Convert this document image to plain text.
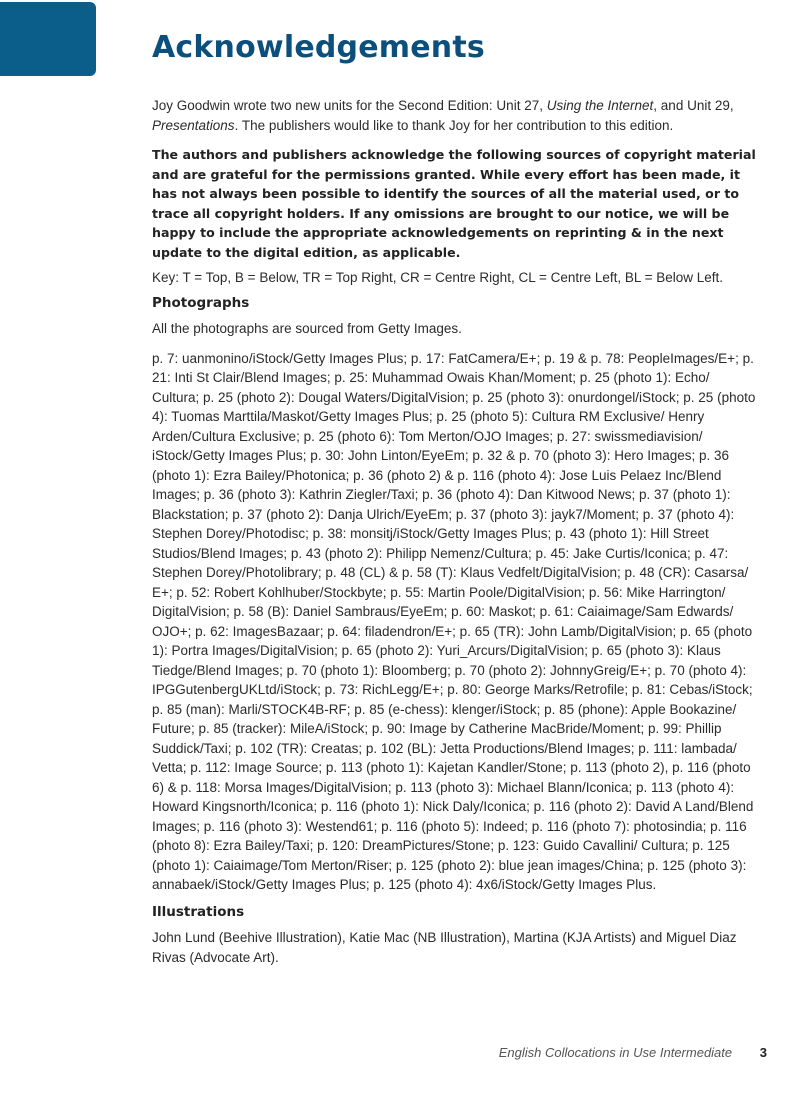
Acknowledgements

Joy Goodwin wrote two new units for the Second Edition: Unit 27, Using the Internet, and Unit 29, Presentations. The publishers would like to thank Joy for her contribution to this edition.

The authors and publishers acknowledge the following sources of copyright material and are grateful for the permissions granted. While every effort has been made, it has not always been possible to identify the sources of all the material used, or to trace all copyright holders. If any omissions are brought to our notice, we will be happy to include the appropriate acknowledgements on reprinting & in the next update to the digital edition, as applicable.

Key: T = Top, B = Below, TR = Top Right, CR = Centre Right, CL = Centre Left, BL = Below Left.

Photographs

All the photographs are sourced from Getty Images.

p. 7: uanmonino/iStock/Getty Images Plus; p. 17: FatCamera/E+; p. 19 & p. 78: PeopleImages/E+; p. 21: Inti St Clair/Blend Images; p. 25: Muhammad Owais Khan/Moment; p. 25 (photo 1): Echo/ Cultura; p. 25 (photo 2): Dougal Waters/DigitalVision; p. 25 (photo 3): onurdongel/iStock; p. 25 (photo 4): Tuomas Marttila/Maskot/Getty Images Plus; p. 25 (photo 5): Cultura RM Exclusive/ Henry Arden/Cultura Exclusive; p. 25 (photo 6): Tom Merton/OJO Images; p. 27: swissmediavision/ iStock/Getty Images Plus; p. 30: John Linton/EyeEm; p. 32 & p. 70 (photo 3): Hero Images; p. 36 (photo 1): Ezra Bailey/Photonica; p. 36 (photo 2) & p. 116 (photo 4): Jose Luis Pelaez Inc/Blend Images; p. 36 (photo 3): Kathrin Ziegler/Taxi; p. 36 (photo 4): Dan Kitwood News; p. 37 (photo 1): Blackstation; p. 37 (photo 2): Danja Ulrich/EyeEm; p. 37 (photo 3): jayk7/Moment; p. 37 (photo 4): Stephen Dorey/Photodisc; p. 38: monsitj/iStock/Getty Images Plus; p. 43 (photo 1): Hill Street Studios/Blend Images; p. 43 (photo 2): Philipp Nemenz/Cultura; p. 45: Jake Curtis/Iconica; p. 47: Stephen Dorey/Photolibrary; p. 48 (CL) & p. 58 (T): Klaus Vedfelt/DigitalVision; p. 48 (CR): Casarsa/ E+; p. 52: Robert Kohlhuber/Stockbyte; p. 55: Martin Poole/DigitalVision; p. 56: Mike Harrington/ DigitalVision; p. 58 (B): Daniel Sambraus/EyeEm; p. 60: Maskot; p. 61: Caiaimage/Sam Edwards/ OJO+; p. 62: ImagesBazaar; p. 64: filadendron/E+; p. 65 (TR): John Lamb/DigitalVision; p. 65 (photo 1): Portra Images/DigitalVision; p. 65 (photo 2): Yuri_Arcurs/DigitalVision; p. 65 (photo 3): Klaus Tiedge/Blend Images; p. 70 (photo 1): Bloomberg; p. 70 (photo 2): JohnnyGreig/E+; p. 70 (photo 4): IPGGutenbergUKLtd/iStock; p. 73: RichLegg/E+; p. 80: George Marks/Retrofile; p. 81: Cebas/iStock; p. 85 (man): Marli/STOCK4B-RF; p. 85 (e-chess): klenger/iStock; p. 85 (phone): Apple Bookazine/ Future; p. 85 (tracker): MileA/iStock; p. 90: Image by Catherine MacBride/Moment; p. 99: Phillip Suddick/Taxi; p. 102 (TR): Creatas; p. 102 (BL): Jetta Productions/Blend Images; p. 111: lambada/ Vetta; p. 112: Image Source; p. 113 (photo 1): Kajetan Kandler/Stone; p. 113 (photo 2), p. 116 (photo 6) & p. 118: Morsa Images/DigitalVision; p. 113 (photo 3): Michael Blann/Iconica; p. 113 (photo 4): Howard Kingsnorth/Iconica; p. 116 (photo 1): Nick Daly/Iconica; p. 116 (photo 2): David A Land/Blend Images; p. 116 (photo 3): Westend61; p. 116 (photo 5): Indeed; p. 116 (photo 7): photosindia; p. 116 (photo 8): Ezra Bailey/Taxi; p. 120: DreamPictures/Stone; p. 123: Guido Cavallini/ Cultura; p. 125 (photo 1): Caiaimage/Tom Merton/Riser; p. 125 (photo 2): blue jean images/China; p. 125 (photo 3): annabaek/iStock/Getty Images Plus; p. 125 (photo 4): 4x6/iStock/Getty Images Plus.

Illustrations

John Lund (Beehive Illustration), Katie Mac (NB Illustration), Martina (KJA Artists) and Miguel Diaz Rivas (Advocate Art).

English Collocations in Use Intermediate 3
